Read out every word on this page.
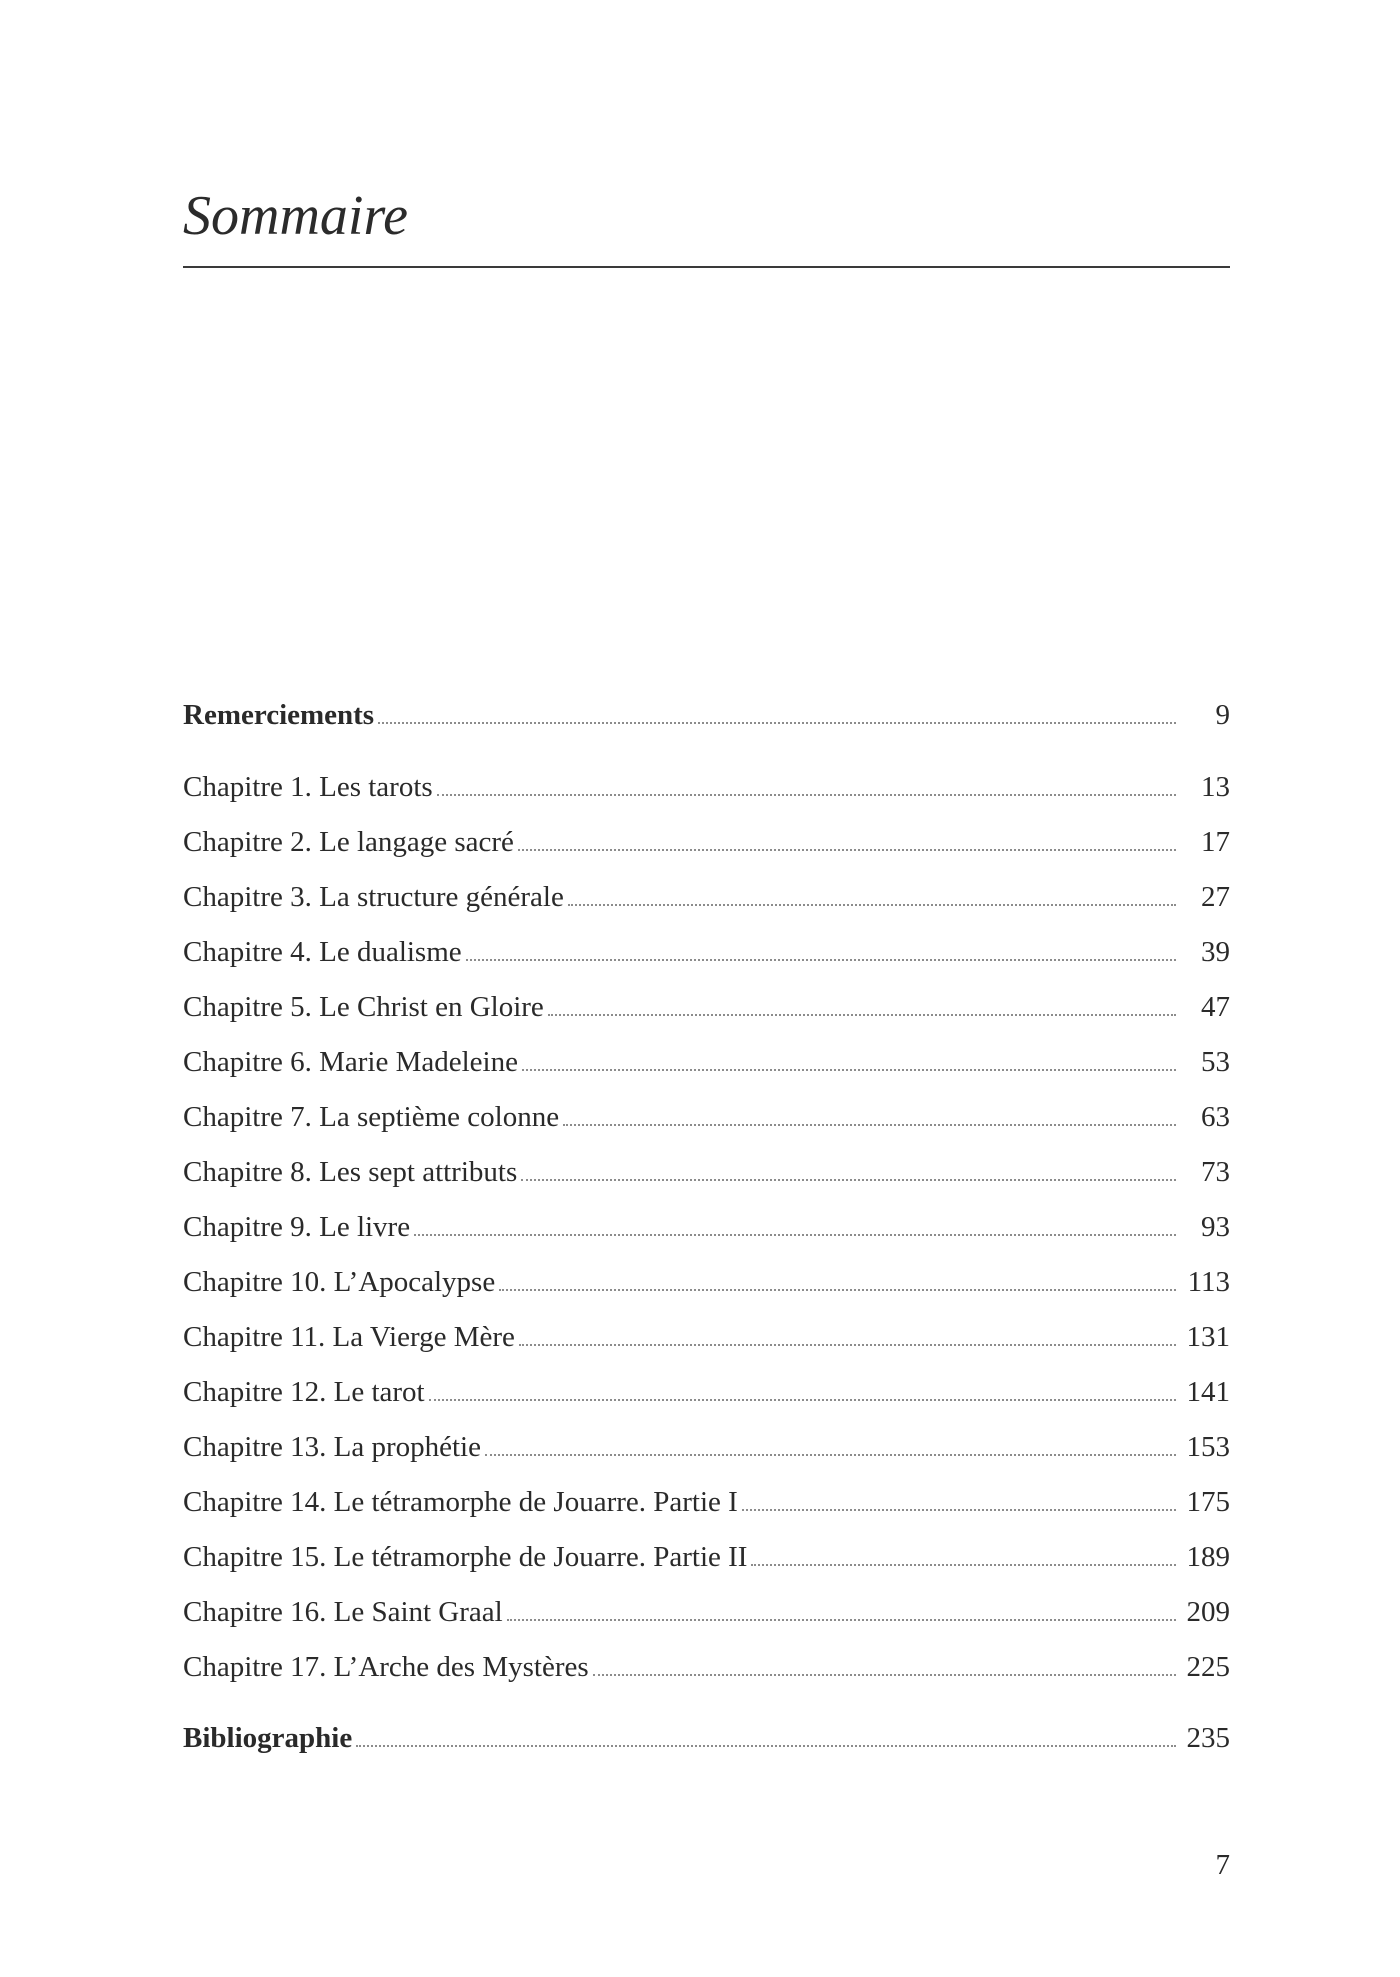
Sommaire
Remerciements	9
Chapitre 1. Les tarots	13
Chapitre 2. Le langage sacré	17
Chapitre 3. La structure générale	27
Chapitre 4. Le dualisme	39
Chapitre 5. Le Christ en Gloire	47
Chapitre 6. Marie Madeleine	53
Chapitre 7. La septième colonne	63
Chapitre 8. Les sept attributs	73
Chapitre 9. Le livre	93
Chapitre 10. L’Apocalypse	113
Chapitre 11. La Vierge Mère	131
Chapitre 12. Le tarot	141
Chapitre 13. La prophétie	153
Chapitre 14. Le tétramorphe de Jouarre. Partie I	175
Chapitre 15. Le tétramorphe de Jouarre. Partie II	189
Chapitre 16. Le Saint Graal	209
Chapitre 17. L’Arche des Mystères	225
Bibliographie	235
7
